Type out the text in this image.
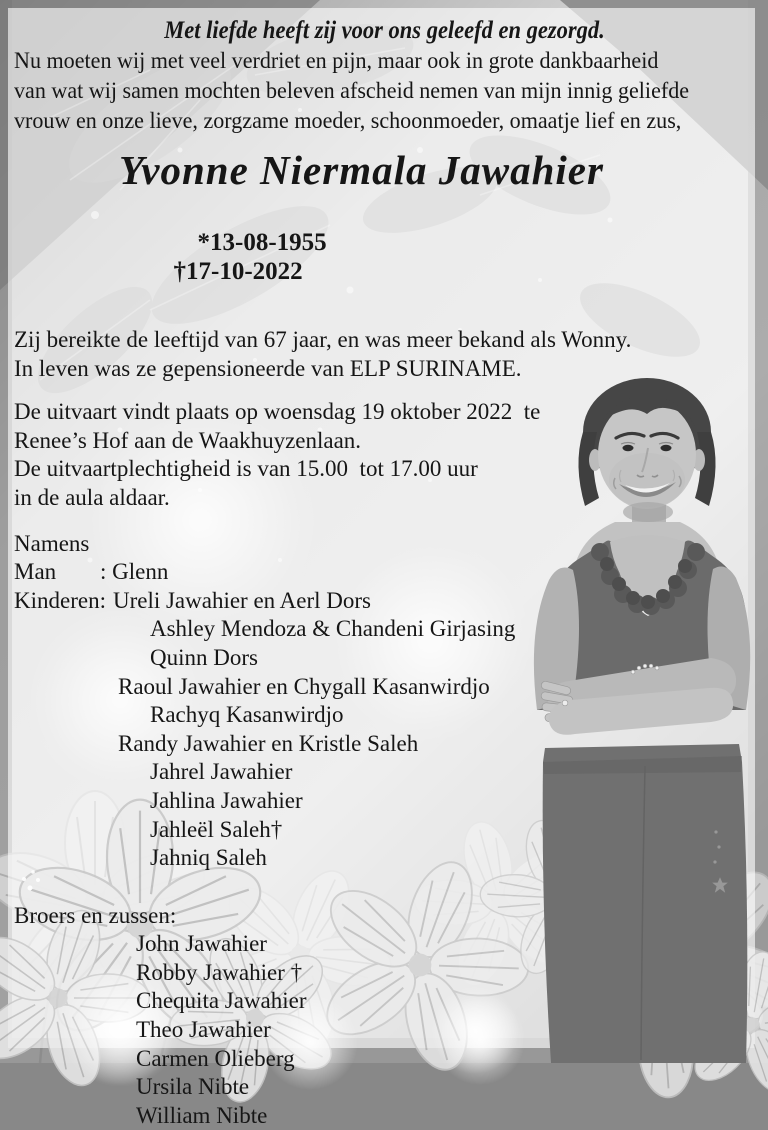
Met liefde heeft zij voor ons geleefd en gezorgd.
Nu moeten wij met veel verdriet en pijn, maar ook in grote dankbaarheid
van wat wij samen mochten beleven afscheid nemen van mijn innig geliefde
vrouw en onze lieve, zorgzame moeder, schoonmoeder, omaatje lief en zus,
Yvonne Niermala Jawahier

*13-08-1955
†17-10-2022

Zij bereikte de leeftijd van 67 jaar, en was meer bekand als Wonny.
In leven was ze gepensioneerde van ELP SURINAME.
De uitvaart vindt plaats op woensdag 19 oktober 2022  te
Renee’s Hof aan de Waakhuyzenlaan.
De uitvaartplechtigheid is van 15.00  tot 17.00 uur
in de aula aldaar.
Namens
Man : Glenn
Kinderen: Ureli Jawahier en Aerl Dors
Ashley Mendoza & Chandeni Girjasing
Quinn Dors
Raoul Jawahier en Chygall Kasanwirdjo
Rachyq Kasanwirdjo
Randy Jawahier en Kristle Saleh
Jahrel Jawahier
Jahlina Jawahier
Jahleël Saleh†
Jahniq Saleh
Broers en zussen:
John Jawahier
Robby Jawahier †
Chequita Jawahier
Theo Jawahier
Carmen Olieberg
Ursila Nibte
William Nibte
